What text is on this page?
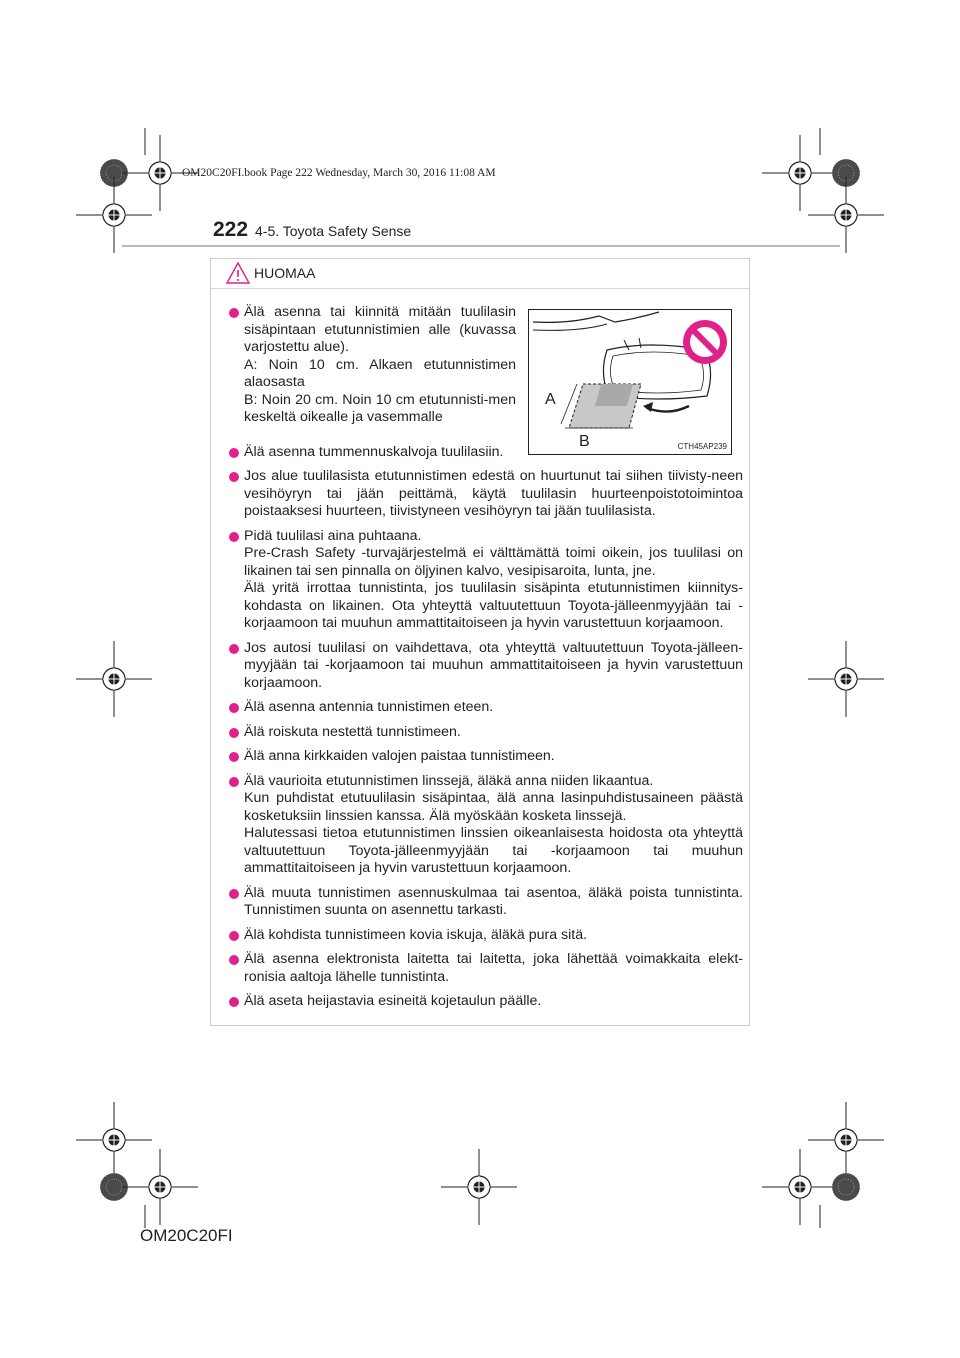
OM20C20FI.book Page 222 Wednesday, March 30, 2016 11:08 AM
222 4-5. Toyota Safety Sense
HUOMAA
A
B	CTH45AP239
Älä asenna tai kiinnitä mitään tuulilasin sisäpintaan etutunnistimien alle (kuvassa varjostettu alue).
A: Noin 10 cm. Alkaen etutunnistimen alaosasta
B: Noin 20 cm. Noin 10 cm etutunnisti-men keskeltä oikealle ja vasemmalle
Älä asenna tummennuskalvoja tuulilasiin.
Jos alue tuulilasista etutunnistimen edestä on huurtunut tai siihen tiivisty-neen vesihöyryn tai jään peittämä, käytä tuulilasin huurteenpoistotoimintoa poistaaksesi huurteen, tiivistyneen vesihöyryn tai jään tuulilasista.
Pidä tuulilasi aina puhtaana.
Pre-Crash Safety -turvajärjestelmä ei välttämättä toimi oikein, jos tuulilasi on likainen tai sen pinnalla on öljyinen kalvo, vesipisaroita, lunta, jne.
Älä yritä irrottaa tunnistinta, jos tuulilasin sisäpinta etutunnistimen kiinnitys-kohdasta on likainen. Ota yhteyttä valtuutettuun Toyota-jälleenmyyjään tai -korjaamoon tai muuhun ammattitaitoiseen ja hyvin varustettuun korjaamoon.
Jos autosi tuulilasi on vaihdettava, ota yhteyttä valtuutettuun Toyota-jälleen-myyjään tai -korjaamoon tai muuhun ammattitaitoiseen ja hyvin varustettuun korjaamoon.
Älä asenna antennia tunnistimen eteen.
Älä roiskuta nestettä tunnistimeen.
Älä anna kirkkaiden valojen paistaa tunnistimeen.
Älä vaurioita etutunnistimen linssejä, äläkä anna niiden likaantua.
Kun puhdistat etutuulilasin sisäpintaa, älä anna lasinpuhdistusaineen päästä kosketuksiin linssien kanssa. Älä myöskään kosketa linssejä.
Halutessasi tietoa etutunnistimen linssien oikeanlaisesta hoidosta ota yhteyttä valtuutettuun Toyota-jälleenmyyjään tai -korjaamoon tai muuhun ammattitaitoiseen ja hyvin varustettuun korjaamoon.
Älä muuta tunnistimen asennuskulmaa tai asentoa, äläkä poista tunnistinta. Tunnistimen suunta on asennettu tarkasti.
Älä kohdista tunnistimeen kovia iskuja, äläkä pura sitä.
Älä asenna elektronista laitetta tai laitetta, joka lähettää voimakkaita elekt-ronisia aaltoja lähelle tunnistinta.
Älä aseta heijastavia esineitä kojetaulun päälle.
OM20C20FI
